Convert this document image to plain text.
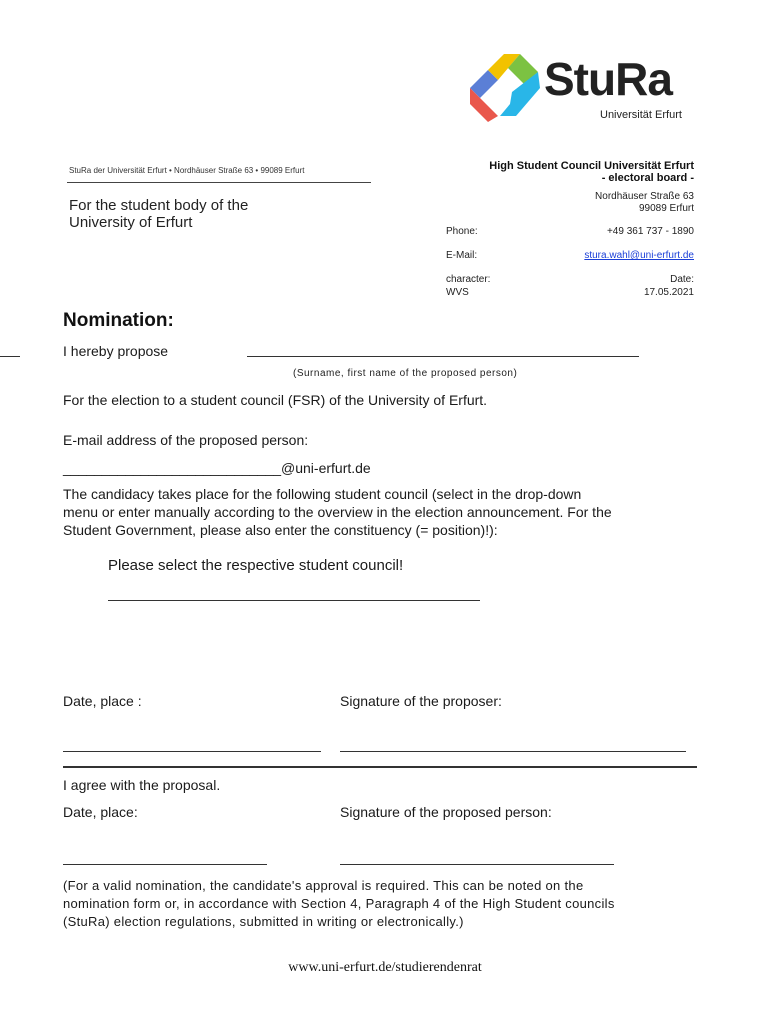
StuRa
Universität Erfurt
StuRa der Universität Erfurt • Nordhäuser Straße 63 • 99089 Erfurt
For the student body of the
University of Erfurt
High Student Council Universität Erfurt
- electoral board -
Nordhäuser Straße 63
99089 Erfurt
Phone:	+49 361 737 - 1890
E-Mail:	stura.wahl@uni-erfurt.de
character:
WVS
Date:
17.05.2021
Nomination:
I hereby propose
(Surname, first name of the proposed person)
For the election to a student council (FSR) of the University of Erfurt.
E-mail address of the proposed person:
____________________________@uni-erfurt.de
The candidacy takes place for the following student council (select in the drop-down
menu or enter manually according to the overview in the election announcement. For the
Student Government, please also enter the constituency (= position)!):
Please select the respective student council!
Date, place :	Signature of the proposer:
I agree with the proposal.
Date, place:	Signature of the proposed person:
(For a valid nomination, the candidate's approval is required. This can be noted on the
nomination form or, in accordance with Section 4, Paragraph 4 of the High Student councils
(StuRa) election regulations, submitted in writing or electronically.)
www.uni-erfurt.de/studierendenrat
